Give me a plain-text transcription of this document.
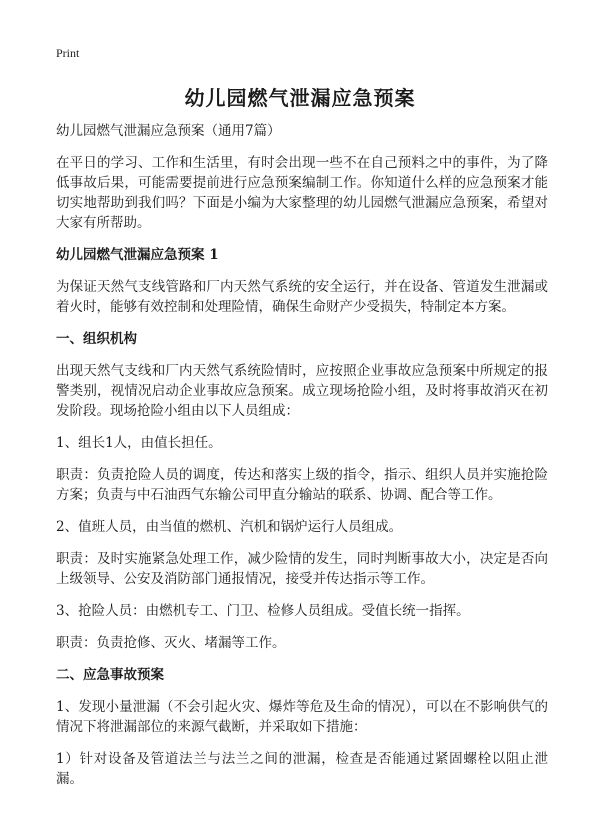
Print
幼儿园燃气泄漏应急预案

幼儿园燃气泄漏应急预案（通用7篇）

在平日的学习、工作和生活里，有时会出现一些不在自己预料之中的事件，为了降低事故后果，可能需要提前进行应急预案编制工作。你知道什么样的应急预案才能切实地帮助到我们吗？下面是小编为大家整理的幼儿园燃气泄漏应急预案，希望对大家有所帮助。

幼儿园燃气泄漏应急预案 1

为保证天然气支线管路和厂内天然气系统的安全运行，并在设备、管道发生泄漏或着火时，能够有效控制和处理险情，确保生命财产少受损失，特制定本方案。

一、组织机构

出现天然气支线和厂内天然气系统险情时，应按照企业事故应急预案中所规定的报警类别，视情况启动企业事故应急预案。成立现场抢险小组，及时将事故消灭在初发阶段。现场抢险小组由以下人员组成：

1、组长1人，由值长担任。

职责：负责抢险人员的调度，传达和落实上级的指令，指示、组织人员并实施抢险方案；负责与中石油西气东输公司甲直分输站的联系、协调、配合等工作。

2、值班人员，由当值的燃机、汽机和锅炉运行人员组成。

职责：及时实施紧急处理工作，减少险情的发生，同时判断事故大小，决定是否向上级领导、公安及消防部门通报情况，接受并传达指示等工作。

3、抢险人员：由燃机专工、门卫、检修人员组成。受值长统一指挥。

职责：负责抢修、灭火、堵漏等工作。

二、应急事故预案

1、发现小量泄漏（不会引起火灾、爆炸等危及生命的情况），可以在不影响供气的情况下将泄漏部位的来源气截断，并采取如下措施：

1）针对设备及管道法兰与法兰之间的泄漏，检查是否能通过紧固螺栓以阻止泄漏。
